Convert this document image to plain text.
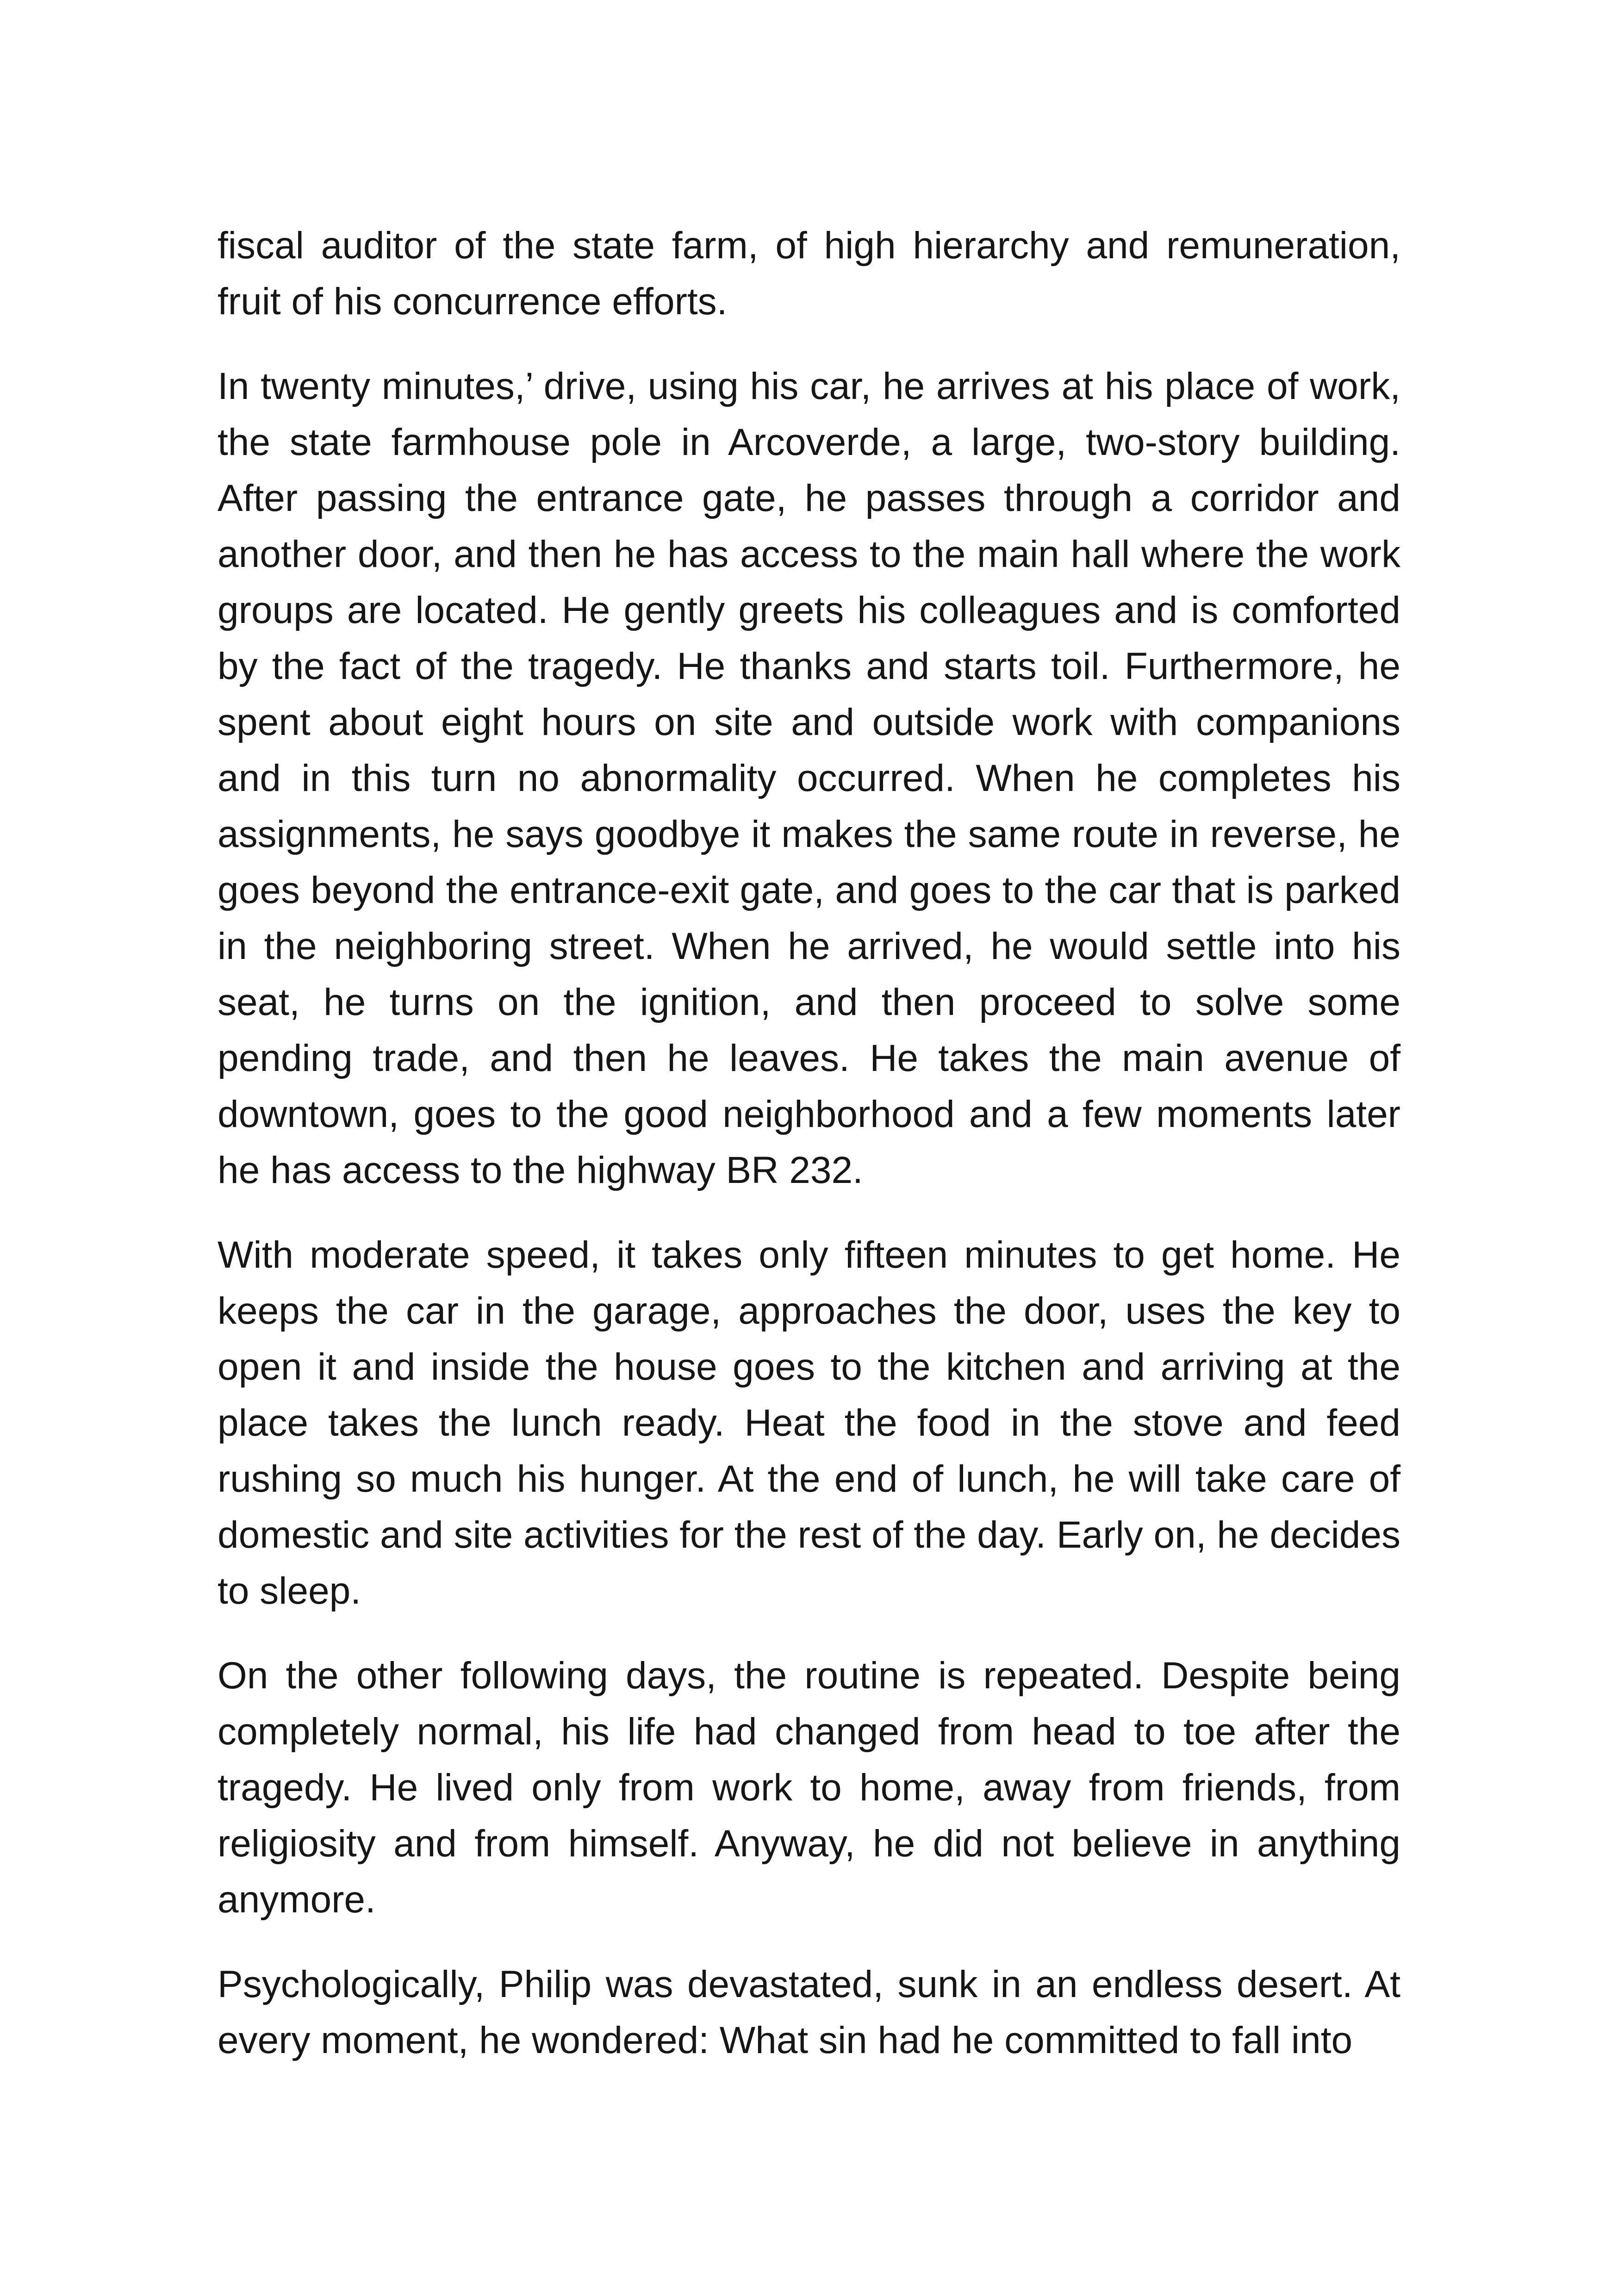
fiscal auditor of the state farm, of high hierarchy and remuneration, fruit of his concurrence efforts.

In twenty minutes,’ drive, using his car, he arrives at his place of work, the state farmhouse pole in Arcoverde, a large, two-story building. After passing the entrance gate, he passes through a corridor and another door, and then he has access to the main hall where the work groups are located. He gently greets his colleagues and is comforted by the fact of the tragedy. He thanks and starts toil. Furthermore, he spent about eight hours on site and outside work with companions and in this turn no abnormality occurred. When he completes his assignments, he says goodbye it makes the same route in reverse, he goes beyond the entrance-exit gate, and goes to the car that is parked in the neighboring street. When he arrived, he would settle into his seat, he turns on the ignition, and then proceed to solve some pending trade, and then he leaves. He takes the main avenue of downtown, goes to the good neighborhood and a few moments later he has access to the highway BR 232.

With moderate speed, it takes only fifteen minutes to get home. He keeps the car in the garage, approaches the door, uses the key to open it and inside the house goes to the kitchen and arriving at the place takes the lunch ready. Heat the food in the stove and feed rushing so much his hunger. At the end of lunch, he will take care of domestic and site activities for the rest of the day. Early on, he decides to sleep.

On the other following days, the routine is repeated. Despite being completely normal, his life had changed from head to toe after the tragedy. He lived only from work to home, away from friends, from religiosity and from himself. Anyway, he did not believe in anything anymore.

Psychologically, Philip was devastated, sunk in an endless desert. At every moment, he wondered: What sin had he committed to fall into
